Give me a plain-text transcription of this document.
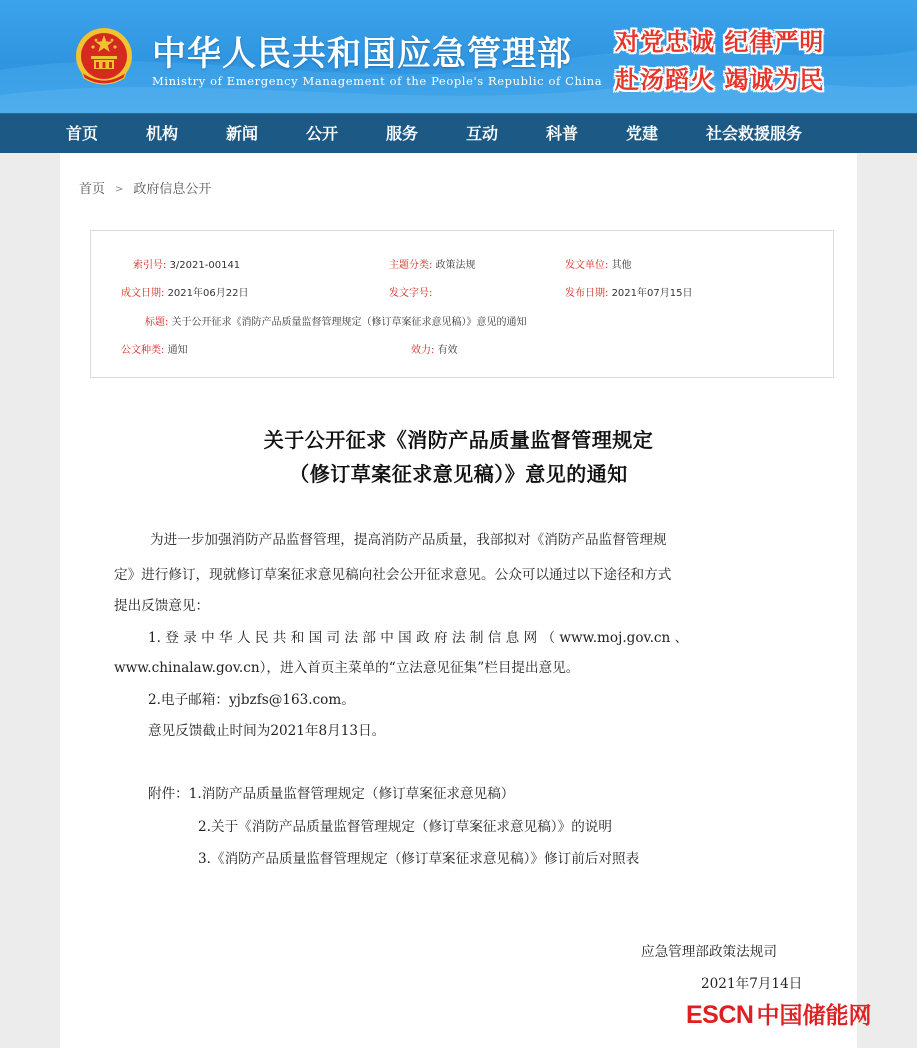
中华人民共和国应急管理部
Ministry of Emergency Management of the People's Republic of China
对党忠诚 纪律严明
赴汤蹈火 竭诚为民
首页	机构	新闻	公开	服务	互动	科普	党建	社会救援服务
首页 > 政府信息公开
索引号: 3/2021-00141	主题分类: 政策法规	发文单位: 其他
成文日期: 2021年06月22日	发文字号:	发布日期: 2021年07月15日
标题: 关于公开征求《消防产品质量监督管理规定（修订草案征求意见稿）》意见的通知
公文种类: 通知	效力: 有效
关于公开征求《消防产品质量监督管理规定
（修订草案征求意见稿）》意见的通知
为进一步加强消防产品监督管理，提高消防产品质量，我部拟对《消防产品监督管理规
定》进行修订，现就修订草案征求意见稿向社会公开征求意见。公众可以通过以下途径和方式
提出反馈意见：
1. 登 录 中 华 人 民 共 和 国 司 法 部 中 国 政 府 法 制 信 息 网 （ www.moj.gov.cn 、
www.chinalaw.gov.cn），进入首页主菜单的“立法意见征集”栏目提出意见。
2.电子邮箱：yjbzfs@163.com。
意见反馈截止时间为2021年8月13日。
附件：1.消防产品质量监督管理规定（修订草案征求意见稿）
2.关于《消防产品质量监督管理规定（修订草案征求意见稿）》的说明
3.《消防产品质量监督管理规定（修订草案征求意见稿）》修订前后对照表
应急管理部政策法规司
2021年7月14日
ESCN 中国储能网
